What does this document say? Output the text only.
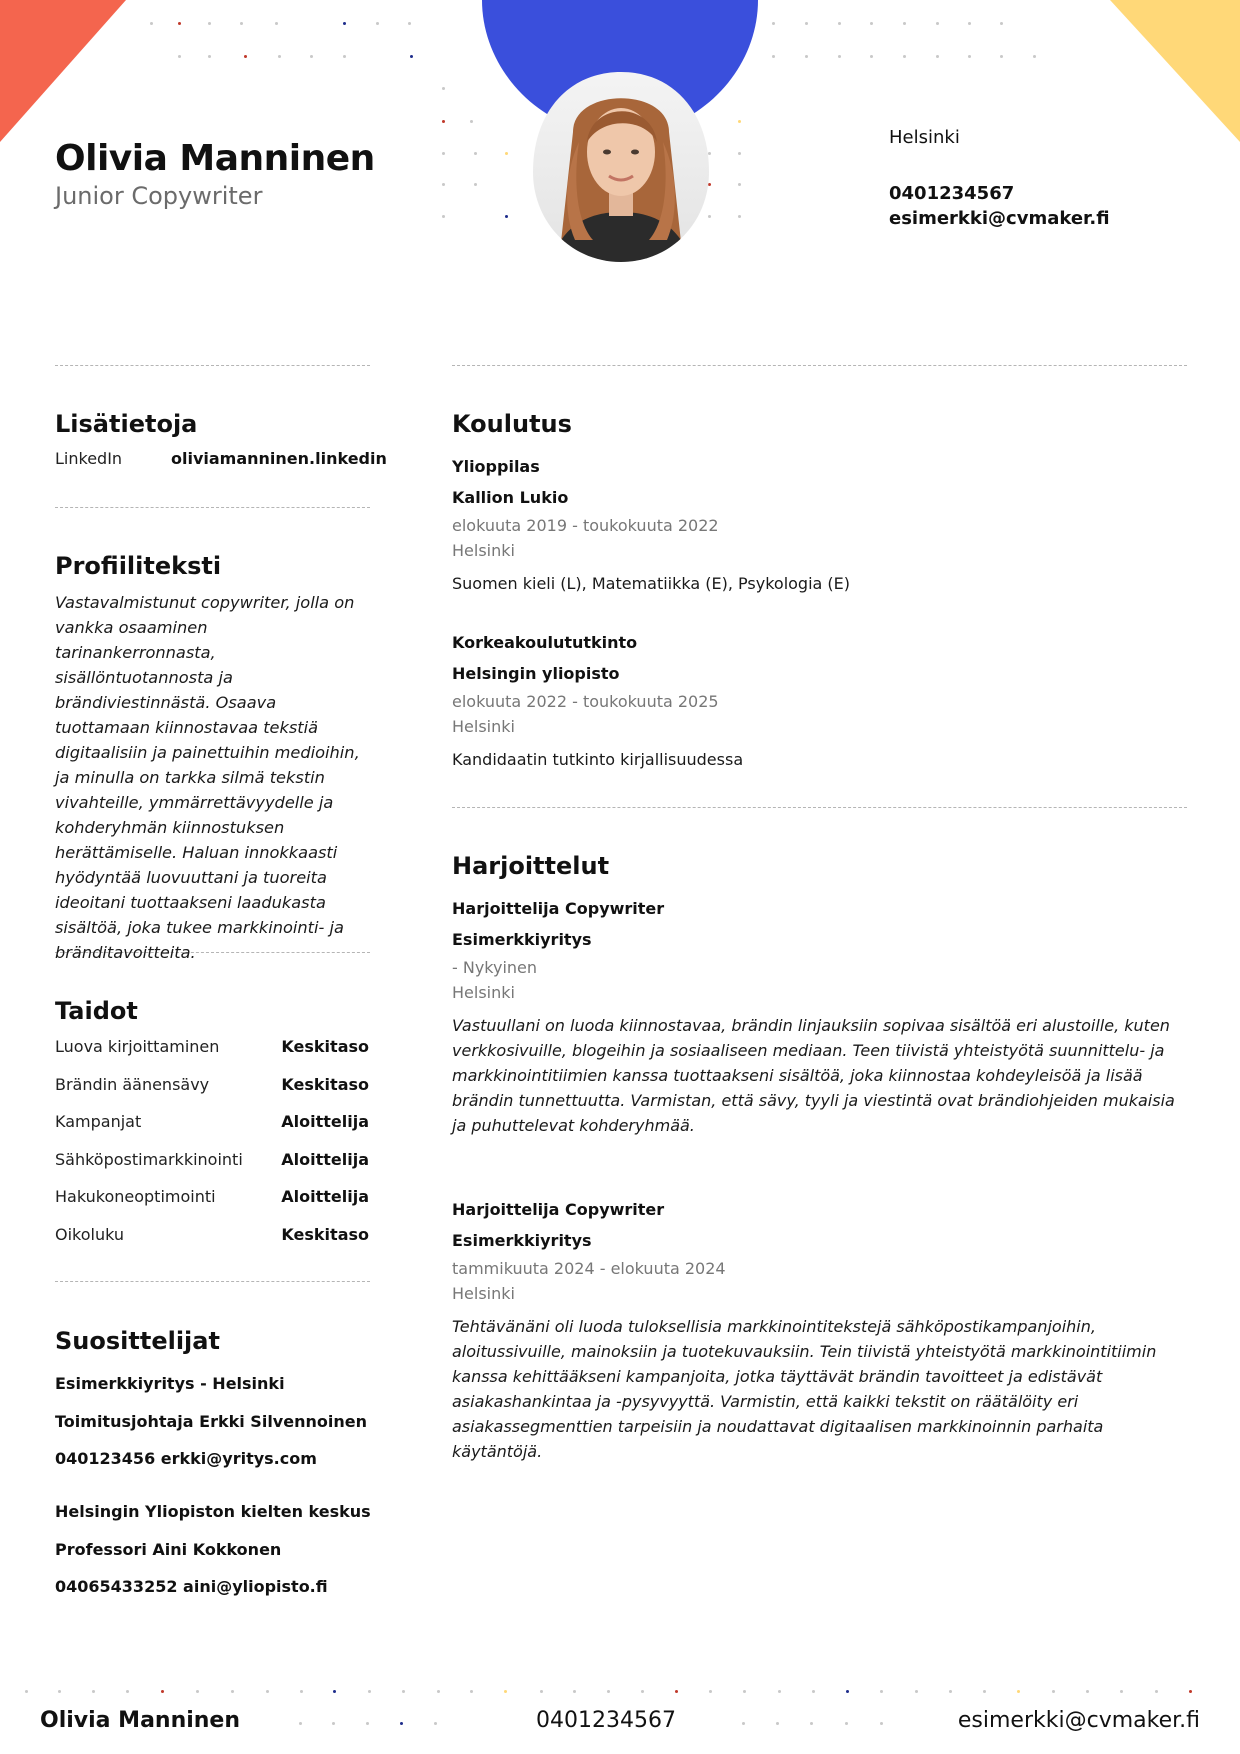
Olivia Manninen
Junior Copywriter
Helsinki
0401234567
esimerkki@cvmaker.fi
Lisätietoja
LinkedIn	oliviamanninen.linkedin
Profiiliteksti
Vastavalmistunut copywriter, jolla on vankka osaaminen tarinankerronnasta, sisällöntuotannosta ja brändiviestinnästä. Osaava tuottamaan kiinnostavaa tekstiä digitaalisiin ja painettuihin medioihin, ja minulla on tarkka silmä tekstin vivahteille, ymmärrettävyydelle ja kohderyhmän kiinnostuksen herättämiselle. Haluan innokkaasti hyödyntää luovuuttani ja tuoreita ideoitani tuottaakseni laadukasta sisältöä, joka tukee markkinointi- ja bränditavoitteita.
Taidot
Luova kirjoittaminen	Keskitaso
Brändin äänensävy	Keskitaso
Kampanjat	Aloittelija
Sähköpostimarkkinointi	Aloittelija
Hakukoneoptimointi	Aloittelija
Oikoluku	Keskitaso
Suosittelijat
Esimerkkiyritys - Helsinki
Toimitusjohtaja Erkki Silvennoinen
040123456 erkki@yritys.com
Helsingin Yliopiston kielten keskus
Professori Aini Kokkonen
04065433252 aini@yliopisto.fi
Koulutus
Ylioppilas
Kallion Lukio
elokuuta 2019 - toukokuuta 2022
Helsinki
Suomen kieli (L), Matematiikka (E), Psykologia (E)
Korkeakoulututkinto
Helsingin yliopisto
elokuuta 2022 - toukokuuta 2025
Helsinki
Kandidaatin tutkinto kirjallisuudessa
Harjoittelut
Harjoittelija Copywriter
Esimerkkiyritys
- Nykyinen
Helsinki
Vastuullani on luoda kiinnostavaa, brändin linjauksiin sopivaa sisältöä eri alustoille, kuten verkkosivuille, blogeihin ja sosiaaliseen mediaan. Teen tiivistä yhteistyötä suunnittelu- ja markkinointitiimien kanssa tuottaakseni sisältöä, joka kiinnostaa kohdeyleisöä ja lisää brändin tunnettuutta. Varmistan, että sävy, tyyli ja viestintä ovat brändiohjeiden mukaisia ja puhuttelevat kohderyhmää.
Harjoittelija Copywriter
Esimerkkiyritys
tammikuuta 2024 - elokuuta 2024
Helsinki
Tehtävänäni oli luoda tuloksellisia markkinointitekstejä sähköpostikampanjoihin, aloitussivuille, mainoksiin ja tuotekuvauksiin. Tein tiivistä yhteistyötä markkinointitiimin kanssa kehittääkseni kampanjoita, jotka täyttävät brändin tavoitteet ja edistävät asiakashankintaa ja -pysyvyyttä. Varmistin, että kaikki tekstit on räätälöity eri asiakassegmenttien tarpeisiin ja noudattavat digitaalisen markkinoinnin parhaita käytäntöjä.
Olivia Manninen	0401234567	esimerkki@cvmaker.fi
